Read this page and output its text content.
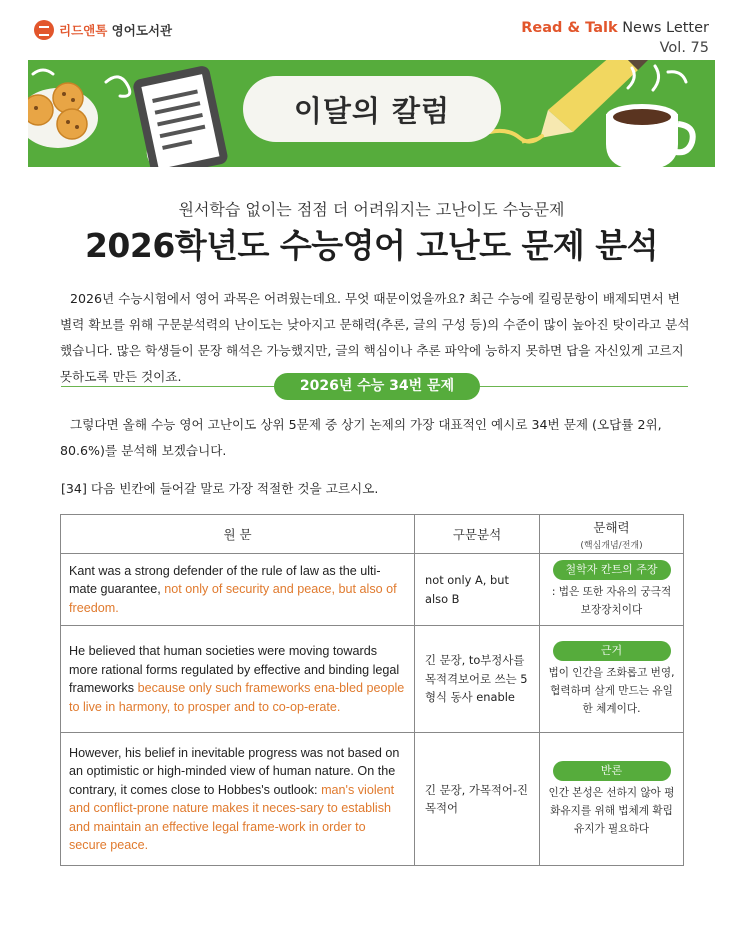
리드앤톡 영어도서관	Read & Talk News Letter
Vol. 75
이달의 칼럼
원서학습 없이는 점점 더 어려워지는 고난이도 수능문제
2026학년도 수능영어 고난도 문제 분석
2026년 수능시험에서 영어 과목은 어려웠는데요. 무엇 때문이었을까요? 최근 수능에 킬링문항이 배제되면서 변별력 확보를 위해 구문분석력의 난이도는 낮아지고 문해력(추론, 글의 구성 등)의 수준이 많이 높아진 탓이라고 분석했습니다. 많은 학생들이 문장 해석은 가능했지만, 글의 핵심이나 추론 파악에 능하지 못하면 답을 자신있게 고르지 못하도록 만든 것이죠.
2026년 수능 34번 문제
그렇다면 올해 수능 영어 고난이도 상위 5문제 중 상기 논제의 가장 대표적인 예시로 34번 문제 (오답률 2위, 80.6%)를 분석해 보겠습니다.
[34] 다음 빈칸에 들어갈 말로 가장 적절한 것을 고르시오.
원 문	구문분석	문해력
(핵심개념/전개)

Kant was a strong defender of the rule of law as the ulti-mate guarantee, not only of security and peace, but also of freedom.	not only A, but also B	철학자 칸트의 주장
: 법은 또한 자유의 궁극적 보장장치이다
He believed that human societies were moving towards more rational forms regulated by effective and binding legal frameworks because only such frameworks ena-bled people to live in harmony, to prosper and to co-op-erate.	긴 문장, to부정사를 목적격보어로 쓰는 5형식 동사 enable	근거
법이 인간을 조화롭고 번영, 협력하며 살게 만드는 유일한 체계이다.
However, his belief in inevitable progress was not based on an optimistic or high-minded view of human nature. On the contrary, it comes close to Hobbes's outlook: man's violent and conflict-prone nature makes it neces-sary to establish and maintain an effective legal frame-work in order to secure peace.	긴 문장, 가목적어-진목적어	반론
인간 본성은 선하지 않아 평화유지를 위해 법체계 확립 유지가 필요하다
